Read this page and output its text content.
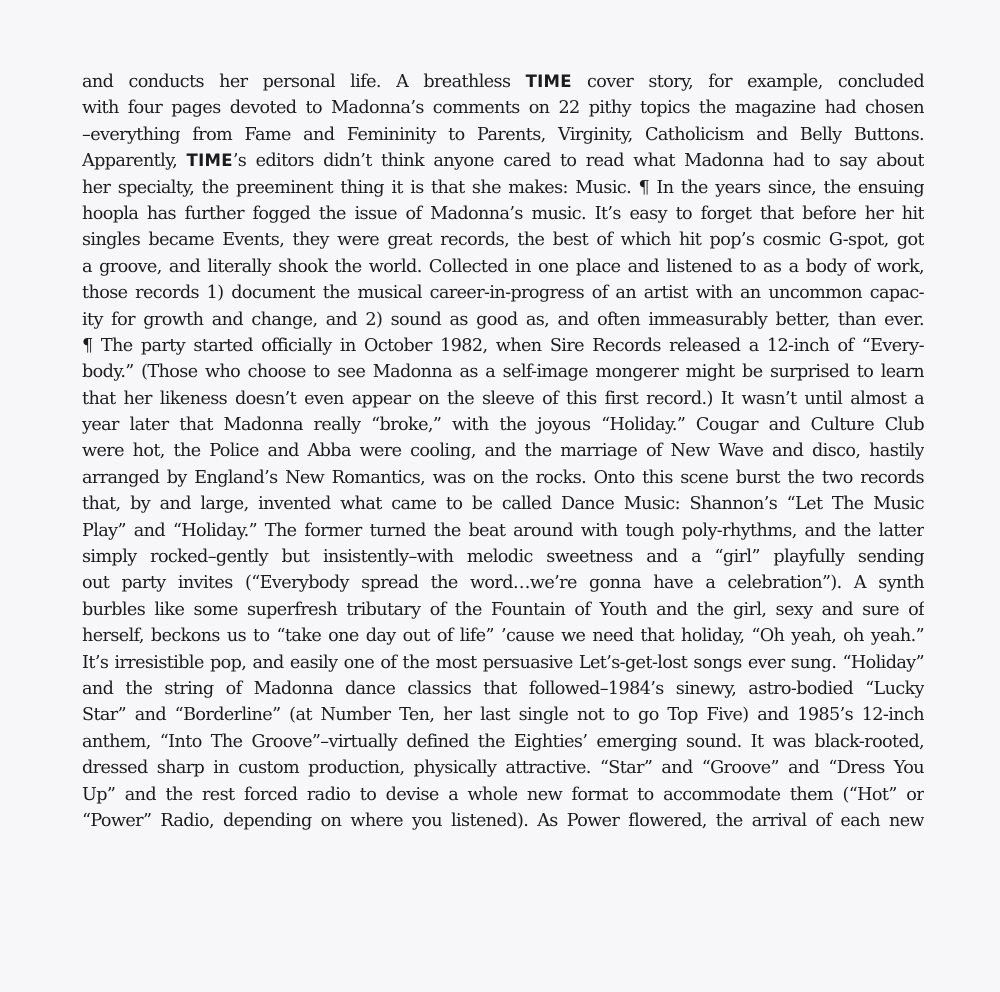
and conducts her personal life. A breathless TIME cover story, for example, concluded
with four pages devoted to Madonna’s comments on 22 pithy topics the magazine had chosen
–everything from Fame and Femininity to Parents, Virginity, Catholicism and Belly Buttons.
Apparently, TIME’s editors didn’t think anyone cared to read what Madonna had to say about
her specialty, the preeminent thing it is that she makes: Music. ¶ In the years since, the ensuing
hoopla has further fogged the issue of Madonna’s music. It’s easy to forget that before her hit
singles became Events, they were great records, the best of which hit pop’s cosmic G-spot, got
a groove, and literally shook the world. Collected in one place and listened to as a body of work,
those records 1) document the musical career-in-progress of an artist with an uncommon capac-
ity for growth and change, and 2) sound as good as, and often immeasurably better, than ever.
¶ The party started officially in October 1982, when Sire Records released a 12-inch of “Every-
body.” (Those who choose to see Madonna as a self-image mongerer might be surprised to learn
that her likeness doesn’t even appear on the sleeve of this first record.) It wasn’t until almost a
year later that Madonna really “broke,” with the joyous “Holiday.” Cougar and Culture Club
were hot, the Police and Abba were cooling, and the marriage of New Wave and disco, hastily
arranged by England’s New Romantics, was on the rocks. Onto this scene burst the two records
that, by and large, invented what came to be called Dance Music: Shannon’s “Let The Music
Play” and “Holiday.” The former turned the beat around with tough poly-rhythms, and the latter
simply rocked–gently but insistently–with melodic sweetness and a “girl” playfully sending
out party invites (“Everybody spread the word…we’re gonna have a celebration”). A synth
burbles like some superfresh tributary of the Fountain of Youth and the girl, sexy and sure of
herself, beckons us to “take one day out of life” ’cause we need that holiday, “Oh yeah, oh yeah.”
It’s irresistible pop, and easily one of the most persuasive Let’s-get-lost songs ever sung. “Holiday”
and the string of Madonna dance classics that followed–1984’s sinewy, astro-bodied “Lucky
Star” and “Borderline” (at Number Ten, her last single not to go Top Five) and 1985’s 12-inch
anthem, “Into The Groove”–virtually defined the Eighties’ emerging sound. It was black-rooted,
dressed sharp in custom production, physically attractive. “Star” and “Groove” and “Dress You
Up” and the rest forced radio to devise a whole new format to accommodate them (“Hot” or
“Power” Radio, depending on where you listened). As Power flowered, the arrival of each new
